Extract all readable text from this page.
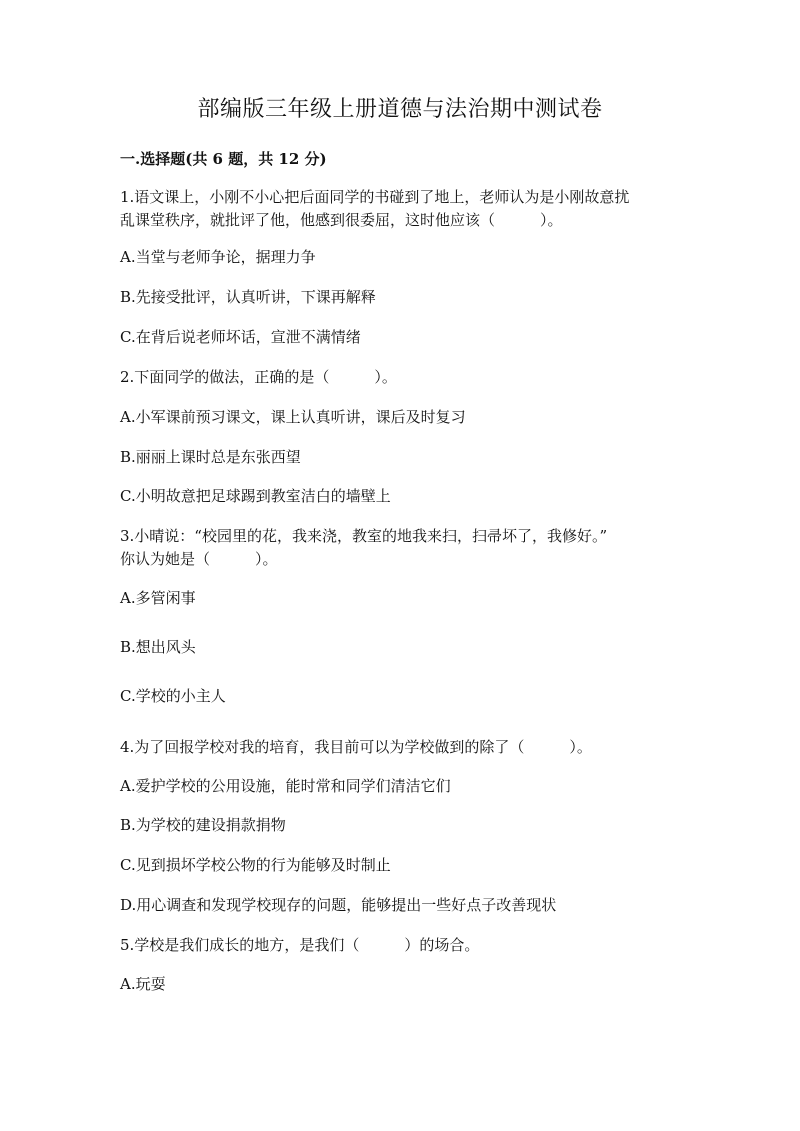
部编版三年级上册道德与法治期中测试卷
一.选择题(共 6 题，共 12 分)
1.语文课上，小刚不小心把后面同学的书碰到了地上，老师认为是小刚故意扰
乱课堂秩序，就批评了他，他感到很委屈，这时他应该（　　　）。
A.当堂与老师争论，据理力争
B.先接受批评，认真听讲，下课再解释
C.在背后说老师坏话，宣泄不满情绪
2.下面同学的做法，正确的是（　　　）。
A.小军课前预习课文，课上认真听讲，课后及时复习
B.丽丽上课时总是东张西望
C.小明故意把足球踢到教室洁白的墙壁上
3.小晴说：“校园里的花，我来浇，教室的地我来扫，扫帚坏了，我修好。”
你认为她是（　　　）。
A.多管闲事
B.想出风头
C.学校的小主人
4.为了回报学校对我的培育，我目前可以为学校做到的除了（　　　）。
A.爱护学校的公用设施，能时常和同学们清洁它们
B.为学校的建设捐款捐物
C.见到损坏学校公物的行为能够及时制止
D.用心调查和发现学校现存的问题，能够提出一些好点子改善现状
5.学校是我们成长的地方，是我们（　　　）的场合。
A.玩耍
